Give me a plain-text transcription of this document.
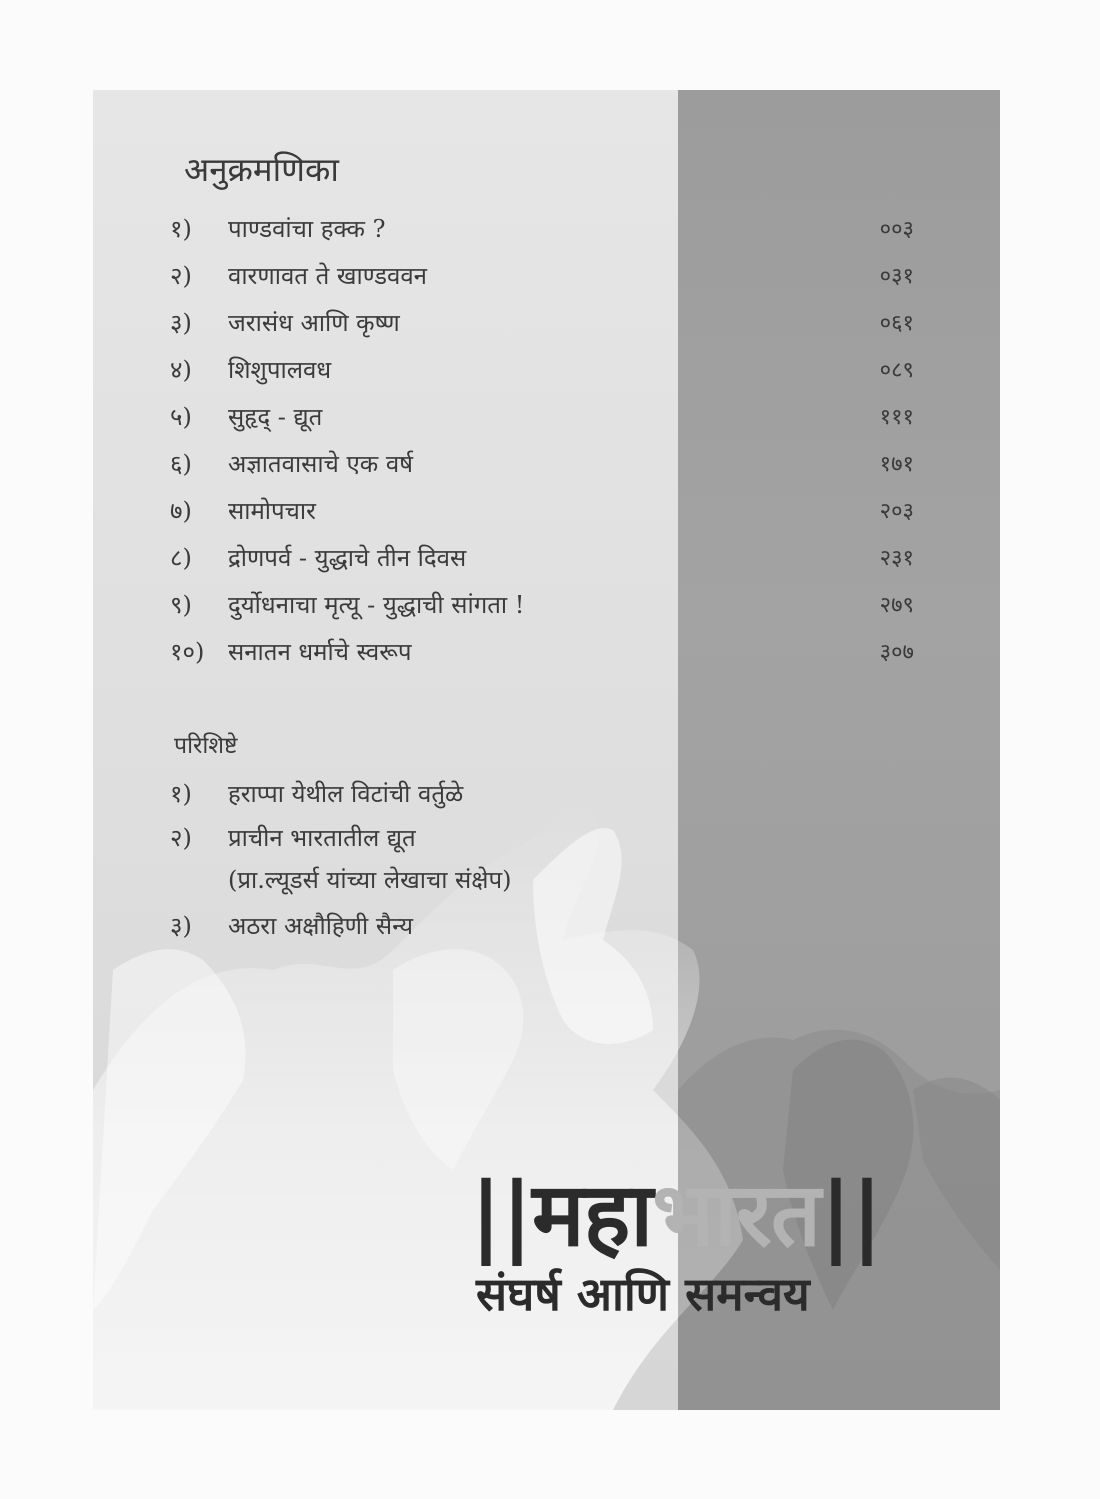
अनुक्रमणिका
१) पाण्डवांचा हक्क ?	००३
२) वारणावत ते खाण्डववन	०३१
३) जरासंध आणि कृष्ण	०६१
४) शिशुपालवध	०८९
५) सुहृद् - द्यूत	१११
६) अज्ञातवासाचे एक वर्ष	१७१
७) सामोपचार	२०३
८) द्रोणपर्व - युद्धाचे तीन दिवस	२३१
९) दुर्योधनाचा मृत्यू - युद्धाची सांगता !	२७९
१०) सनातन धर्माचे स्वरूप	३०७
परिशिष्टे
१) हराप्पा येथील विटांची वर्तुळे
२) प्राचीन भारतातील द्यूत
(प्रा.ल्यूडर्स यांच्या लेखाचा संक्षेप)
३) अठरा अक्षौहिणी सैन्य
||महाभारत||
संघर्ष आणि समन्वय
